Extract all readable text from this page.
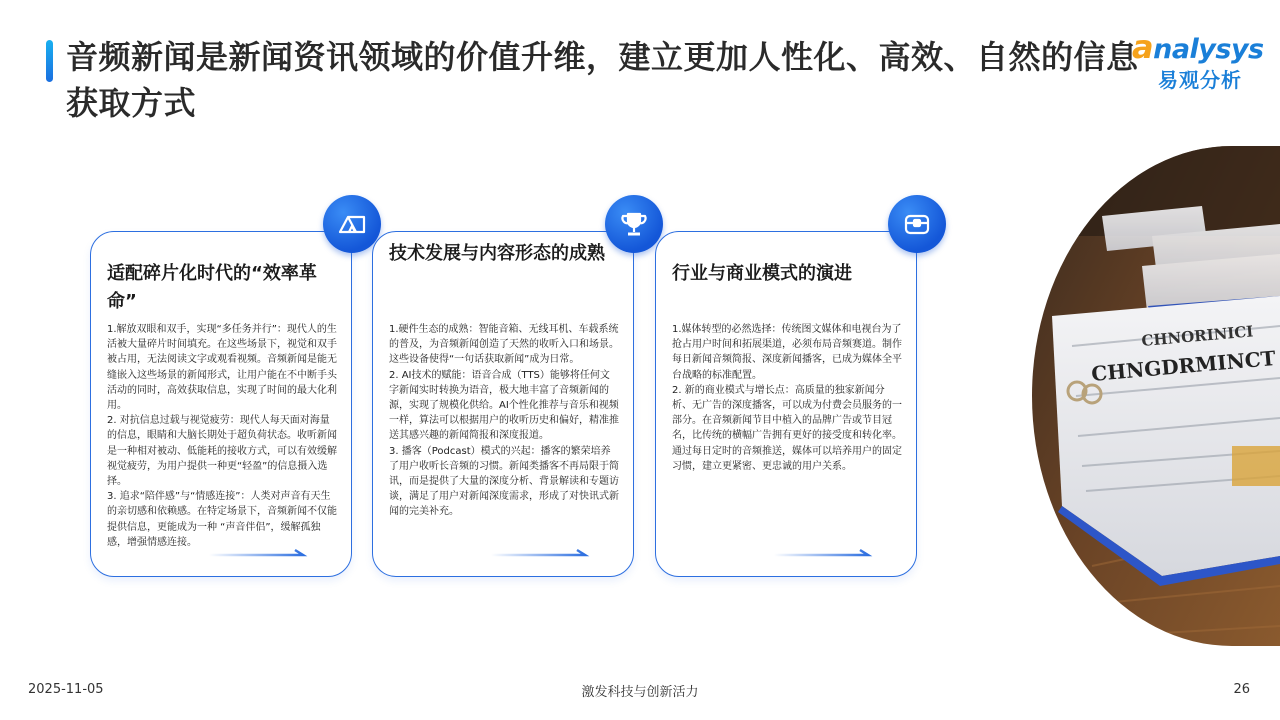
音频新闻是新闻资讯领域的价值升维，建立更加人性化、高效、自然的信息获取方式
analysys
易观分析
适配碎片化时代的“效率革命”

1.解放双眼和双手，实现“多任务并行”：现代人的生活被大量碎片时间填充。在这些场景下，视觉和双手被占用，无法阅读文字或观看视频。音频新闻是能无缝嵌入这些场景的新闻形式，让用户能在不中断手头活动的同时，高效获取信息，实现了时间的最大化利用。

2. 对抗信息过载与视觉疲劳：现代人每天面对海量的信息，眼睛和大脑长期处于超负荷状态。收听新闻是一种相对被动、低能耗的接收方式，可以有效缓解视觉疲劳，为用户提供一种更“轻盈”的信息摄入选择。

3. 追求“陪伴感”与“情感连接”：人类对声音有天生的亲切感和依赖感。在特定场景下，音频新闻不仅能提供信息，更能成为一种 “声音伴侣”，缓解孤独感，增强情感连接。

技术发展与内容形态的成熟

1.硬件生态的成熟：智能音箱、无线耳机、车载系统的普及，为音频新闻创造了天然的收听入口和场景。这些设备使得“一句话获取新闻”成为日常。

2. AI技术的赋能：语音合成（TTS）能够将任何文字新闻实时转换为语音，极大地丰富了音频新闻的源，实现了规模化供给。AI个性化推荐与音乐和视频一样，算法可以根据用户的收听历史和偏好，精准推送其感兴趣的新闻简报和深度报道。

3. 播客（Podcast）模式的兴起：播客的繁荣培养了用户收听长音频的习惯。新闻类播客不再局限于简讯，而是提供了大量的深度分析、背景解读和专题访谈，满足了用户对新闻深度需求，形成了对快讯式新闻的完美补充。

行业与商业模式的演进

1.媒体转型的必然选择：传统图文媒体和电视台为了抢占用户时间和拓展渠道，必须布局音频赛道。制作每日新闻音频简报、深度新闻播客，已成为媒体全平台战略的标准配置。

2. 新的商业模式与增长点：高质量的独家新闻分析、无广告的深度播客，可以成为付费会员服务的一部分。在音频新闻节目中植入的品牌广告或节目冠名，比传统的横幅广告拥有更好的接受度和转化率。通过每日定时的音频推送，媒体可以培养用户的固定习惯，建立更紧密、更忠诚的用户关系。

CHNORINICI
CHNGDRMINCT
2025-11-05	激发科技与创新活力	26
